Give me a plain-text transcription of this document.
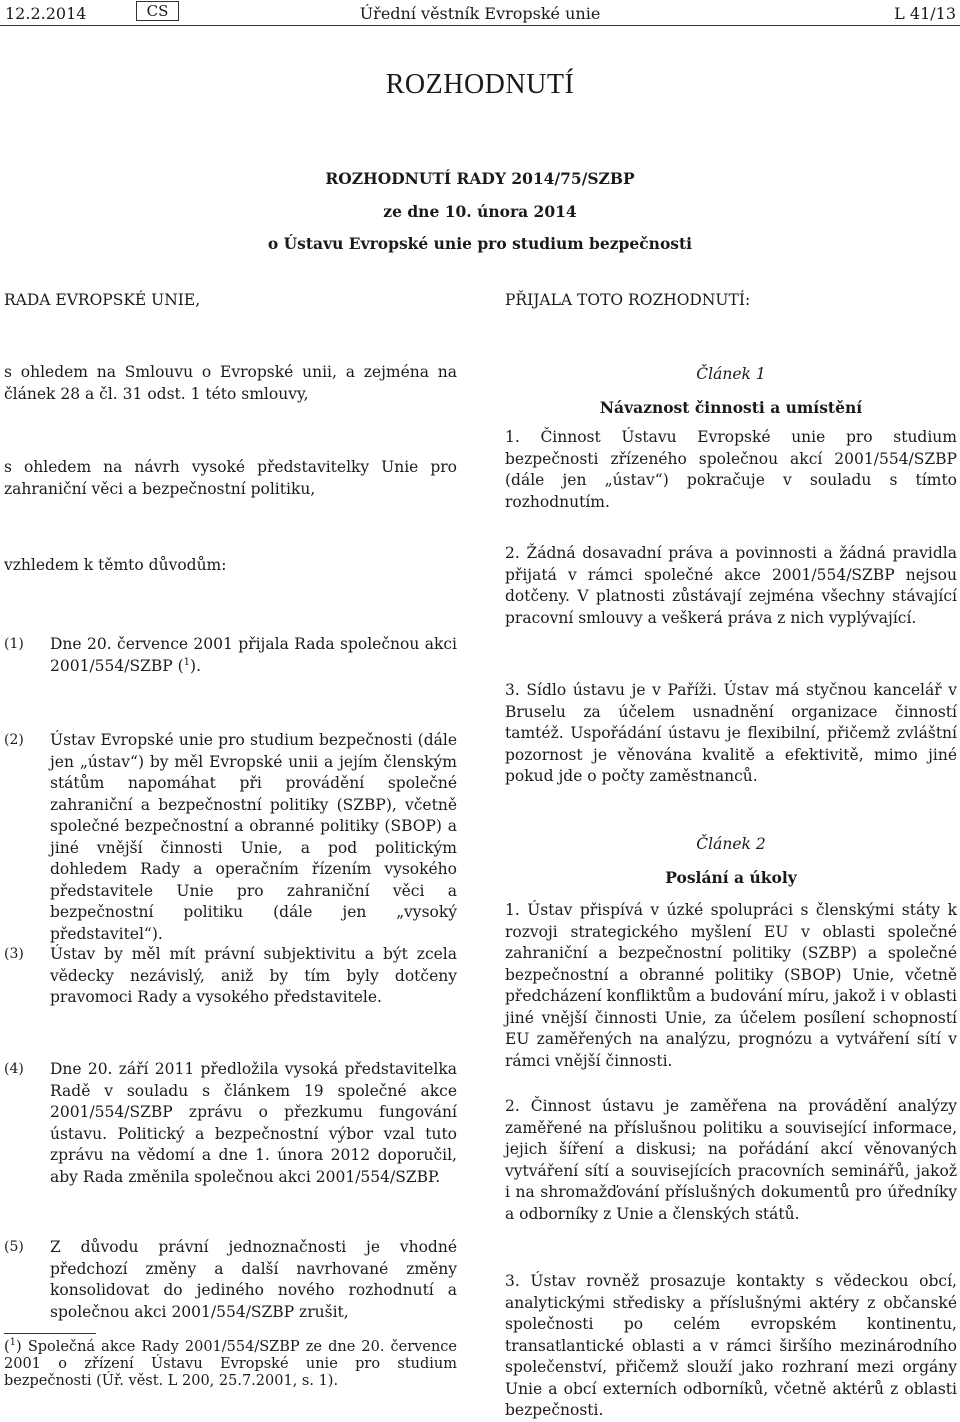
12.2.2014	CS	Úřední věstník Evropské unie	L 41/13
ROZHODNUTÍ
ROZHODNUTÍ RADY 2014/75/SZBP
ze dne 10. února 2014
o Ústavu Evropské unie pro studium bezpečnosti
RADA EVROPSKÉ UNIE,	PŘIJALA TOTO ROZHODNUTÍ:

s ohledem na Smlouvu o Evropské unii, a zejména na článek 28 a čl. 31 odst. 1 této smlouvy,

s ohledem na návrh vysoké představitelky Unie pro zahraniční věci a bezpečnostní politiku,

vzhledem k těmto důvodům:

(1)	Dne 20. července 2001 přijala Rada společnou akci 2001/554/SZBP ($^1$).

(2)	Ústav Evropské unie pro studium bezpečnosti (dále jen „ústav“) by měl Evropské unii a jejím členským státům napomáhat při provádění společné zahraniční a bezpečnostní politiky (SZBP), včetně společné bezpečnostní a obranné politiky (SBOP) a jiné vnější činnosti Unie, a pod politickým dohledem Rady a operačním řízením vysokého představitele Unie pro zahraniční věci a bezpečnostní politiku (dále jen „vysoký představitel“).

(3)	Ústav by měl mít právní subjektivitu a být zcela vědecky nezávislý, aniž by tím byly dotčeny pravomoci Rady a vysokého představitele.

(4)	Dne 20. září 2011 předložila vysoká představitelka Radě v souladu s článkem 19 společné akce 2001/554/SZBP zprávu o přezkumu fungování ústavu. Politický a bezpečnostní výbor vzal tuto zprávu na vědomí a dne 1. února 2012 doporučil, aby Rada změnila společnou akci 2001/554/SZBP.

(5)	Z důvodu právní jednoznačnosti je vhodné předchozí změny a další navrhované změny konsolidovat do jediného nového rozhodnutí a společnou akci 2001/554/SZBP zrušit,

($^1$) Společná akce Rady 2001/554/SZBP ze dne 20. července 2001 o zřízení Ústavu Evropské unie pro studium bezpečnosti (Úř. věst. L 200, 25.7.2001, s. 1).

Článek 1
Návaznost činnosti a umístění

1. Činnost Ústavu Evropské unie pro studium bezpečnosti zřízeného společnou akcí 2001/554/SZBP (dále jen „ústav“) pokračuje v souladu s tímto rozhodnutím.

2. Žádná dosavadní práva a povinnosti a žádná pravidla přijatá v rámci společné akce 2001/554/SZBP nejsou dotčeny. V platnosti zůstávají zejména všechny stávající pracovní smlouvy a veškerá práva z nich vyplývající.

3. Sídlo ústavu je v Paříži. Ústav má styčnou kancelář v Bruselu za účelem usnadnění organizace činností tamtéž. Uspořádání ústavu je flexibilní, přičemž zvláštní pozornost je věnována kvalitě a efektivitě, mimo jiné pokud jde o počty zaměstnanců.

Článek 2
Poslání a úkoly

1. Ústav přispívá v úzké spolupráci s členskými státy k rozvoji strategického myšlení EU v oblasti společné zahraniční a bezpečnostní politiky (SZBP) a společné bezpečnostní a obranné politiky (SBOP) Unie, včetně předcházení konfliktům a budování míru, jakož i v oblasti jiné vnější činnosti Unie, za účelem posílení schopností EU zaměřených na analýzu, prognózu a vytváření sítí v rámci vnější činnosti.

2. Činnost ústavu je zaměřena na provádění analýzy zaměřené na příslušnou politiku a související informace, jejich šíření a diskusi; na pořádání akcí věnovaných vytváření sítí a souvisejících pracovních seminářů, jakož i na shromažďování příslušných dokumentů pro úředníky a odborníky z Unie a členských států.

3. Ústav rovněž prosazuje kontakty s vědeckou obcí, analytickými středisky a příslušnými aktéry z občanské společnosti po celém evropském kontinentu, transatlantické oblasti a v rámci širšího mezinárodního společenství, přičemž slouží jako rozhraní mezi orgány Unie a obcí externích odborníků, včetně aktérů z oblasti bezpečnosti.
